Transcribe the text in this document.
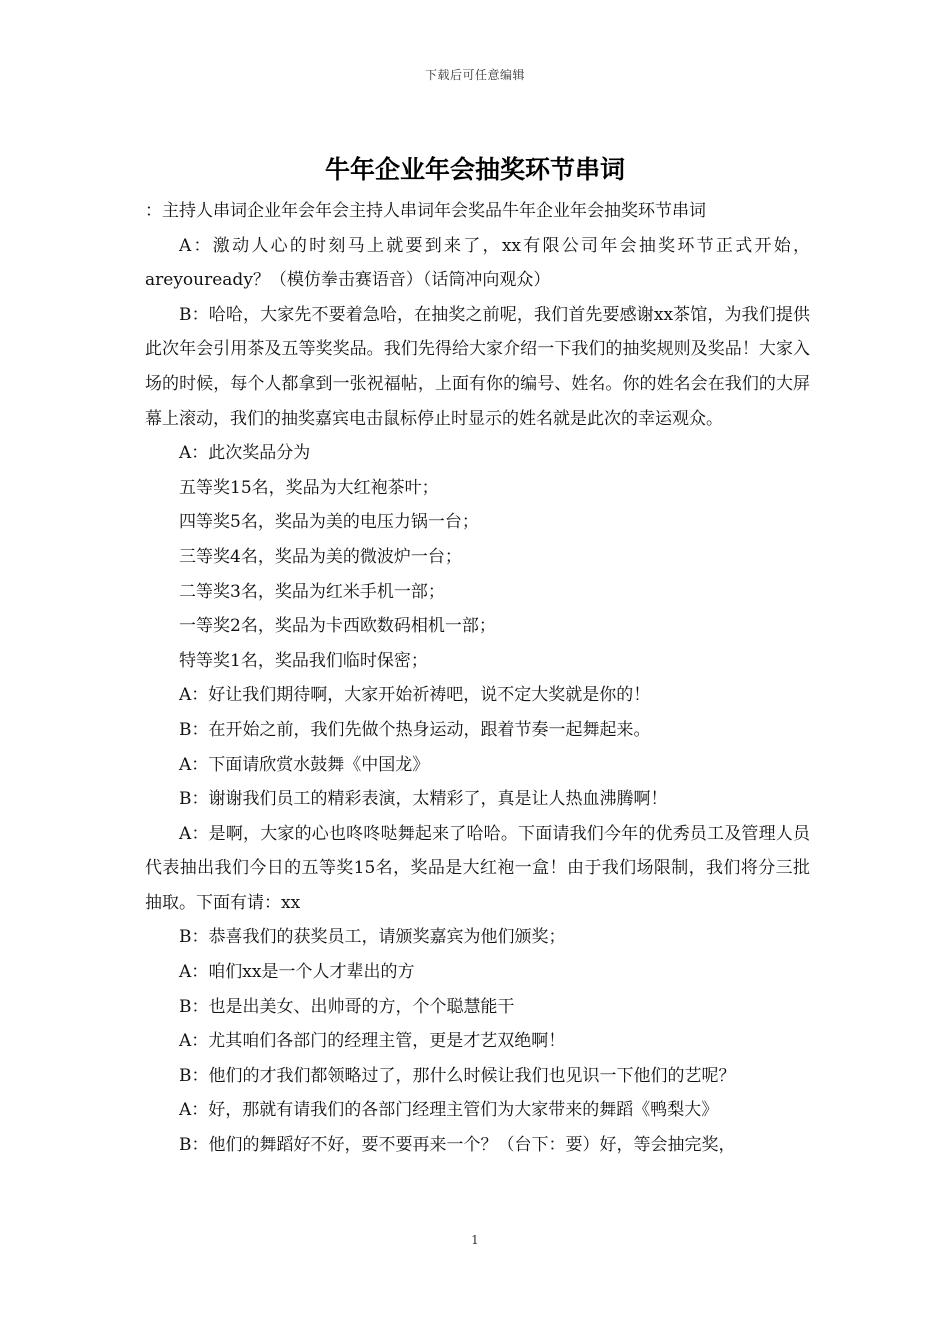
下载后可任意编辑
牛年企业年会抽奖环节串词

：主持人串词企业年会年会主持人串词年会奖品牛年企业年会抽奖环节串词

A：激动人心的时刻马上就要到来了，xx有限公司年会抽奖环节正式开始，areyouready？（模仿拳击赛语音）（话筒冲向观众）

B：哈哈，大家先不要着急哈，在抽奖之前呢，我们首先要感谢xx茶馆，为我们提供此次年会引用茶及五等奖奖品。我们先得给大家介绍一下我们的抽奖规则及奖品！大家入场的时候，每个人都拿到一张祝福帖，上面有你的编号、姓名。你的姓名会在我们的大屏幕上滚动，我们的抽奖嘉宾电击鼠标停止时显示的姓名就是此次的幸运观众。

A：此次奖品分为

五等奖15名，奖品为大红袍茶叶；

四等奖5名，奖品为美的电压力锅一台；

三等奖4名，奖品为美的微波炉一台；

二等奖3名，奖品为红米手机一部；

一等奖2名，奖品为卡西欧数码相机一部；

特等奖1名，奖品我们临时保密；

A：好让我们期待啊，大家开始祈祷吧，说不定大奖就是你的！

B：在开始之前，我们先做个热身运动，跟着节奏一起舞起来。

A：下面请欣赏水鼓舞《中国龙》

B：谢谢我们员工的精彩表演，太精彩了，真是让人热血沸腾啊！

A：是啊，大家的心也咚咚哒舞起来了哈哈。下面请我们今年的优秀员工及管理人员代表抽出我们今日的五等奖15名，奖品是大红袍一盒！由于我们场限制，我们将分三批抽取。下面有请：xx

B：恭喜我们的获奖员工，请颁奖嘉宾为他们颁奖；

A：咱们xx是一个人才辈出的方

B：也是出美女、出帅哥的方，个个聪慧能干

A：尤其咱们各部门的经理主管，更是才艺双绝啊！

B：他们的才我们都领略过了，那什么时候让我们也见识一下他们的艺呢？

A：好，那就有请我们的各部门经理主管们为大家带来的舞蹈《鸭梨大》

B：他们的舞蹈好不好，要不要再来一个？（台下：要）好，等会抽完奖，

1
